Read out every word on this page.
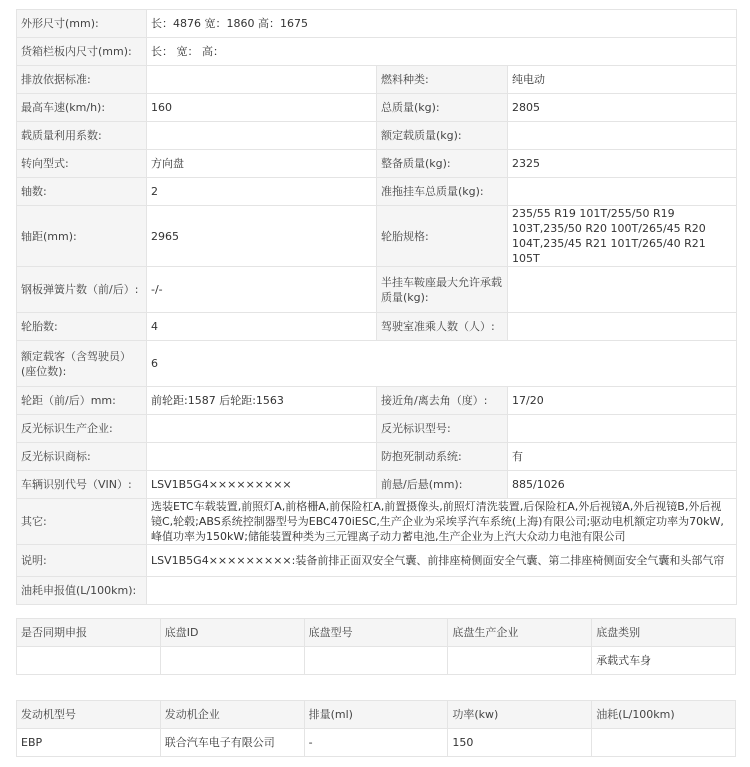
外形尺寸(mm):	长：4876 宽：1860 高：1675		
货箱栏板内尺寸(mm):	长： 宽： 高：		
排放依据标准:		燃料种类:	纯电动
最高车速(km/h):	160	总质量(kg):	2805
载质量利用系数:		额定载质量(kg):	
转向型式:	方向盘	整备质量(kg):	2325
轴数:	2	准拖挂车总质量(kg):	
轴距(mm):	2965	轮胎规格:	235/55 R19 101T/255/50 R19 103T,235/50 R20 100T/265/45 R20 104T,235/45 R21 101T/265/40 R21 105T
钢板弹簧片数（前/后）:	-/-	半挂车鞍座最大允许承载质量(kg):	
轮胎数:	4	驾驶室准乘人数（人）:	
额定载客（含驾驶员）(座位数):	6		
轮距（前/后）mm:	前轮距:1587 后轮距:1563	接近角/离去角（度）:	17/20
反光标识生产企业:		反光标识型号:	
反光标识商标:		防抱死制动系统:	有
车辆识别代号（VIN）:	LSV1B5G4×××××××××	前悬/后悬(mm):	885/1026
其它:	选装ETC车载装置,前照灯A,前格栅A,前保险杠A,前置摄像头,前照灯清洗装置,后保险杠A,外后视镜A,外后视镜B,外后视镜C,轮毂;ABS系统控制器型号为EBC470iESC,生产企业为采埃孚汽车系统(上海)有限公司;驱动电机额定功率为70kW,峰值功率为150kW;储能装置种类为三元锂离子动力蓄电池,生产企业为上汽大众动力电池有限公司		
说明:	LSV1B5G4×××××××××:装备前排正面双安全气囊、前排座椅侧面安全气囊、第二排座椅侧面安全气囊和头部气帘		
油耗申报值(L/100km):			
是否同期申报	底盘ID	底盘型号	底盘生产企业	底盘类别
				承载式车身
发动机型号	发动机企业	排量(ml)	功率(kw)	油耗(L/100km)
EBP	联合汽车电子有限公司	-	150	
